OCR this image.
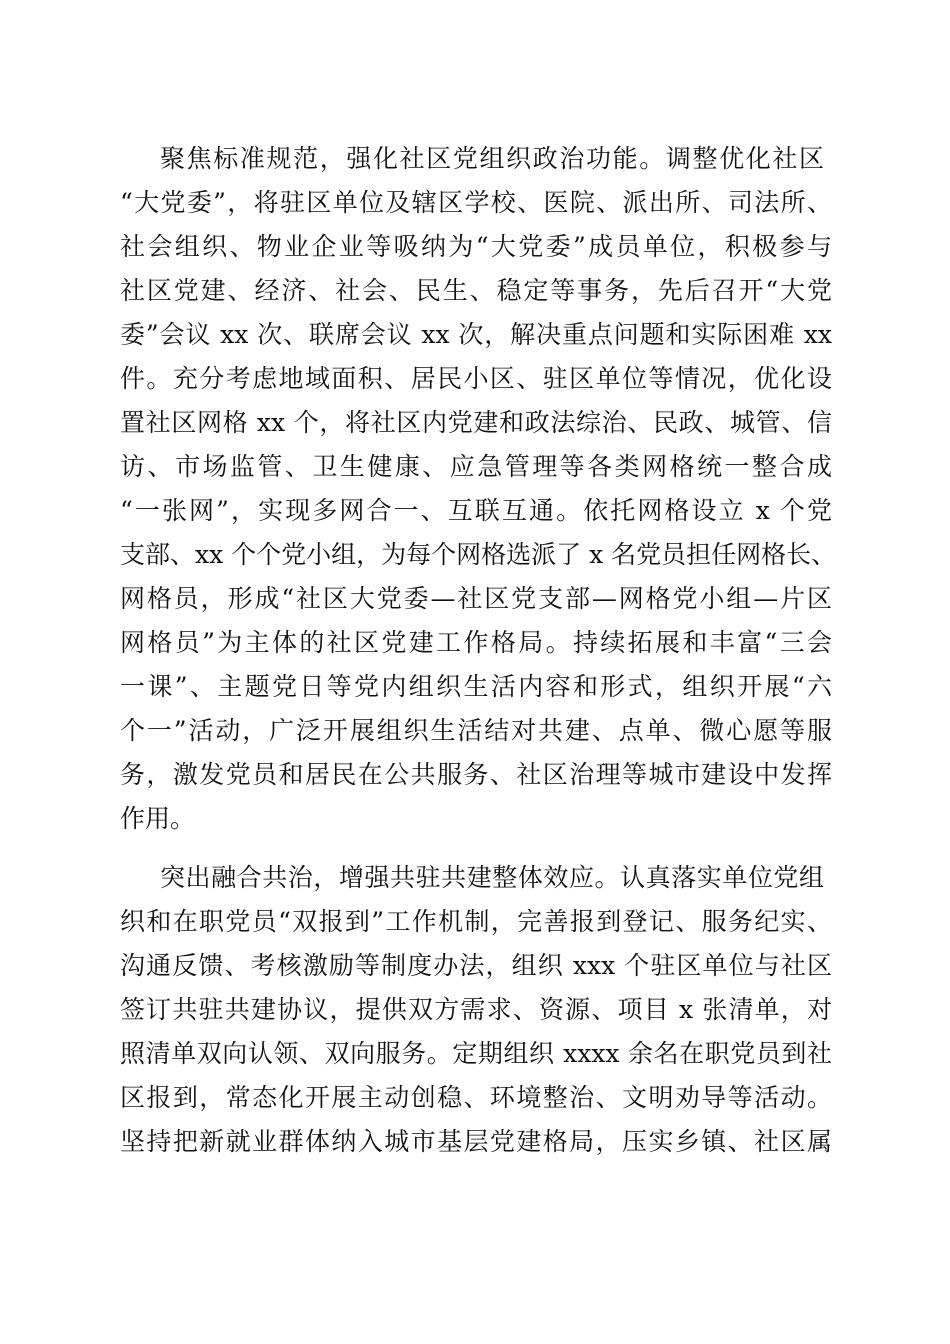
聚焦标准规范，强化社区党组织政治功能。调整优化社区
“大党委”，将驻区单位及辖区学校、医院、派出所、司法所、
社会组织、物业企业等吸纳为“大党委”成员单位，积极参与
社区党建、经济、社会、民生、稳定等事务，先后召开“大党
委”会议 xx 次、联席会议 xx 次，解决重点问题和实际困难 xx
件。充分考虑地域面积、居民小区、驻区单位等情况，优化设
置社区网格 xx 个，将社区内党建和政法综治、民政、城管、信
访、市场监管、卫生健康、应急管理等各类网格统一整合成
“一张网”，实现多网合一、互联互通。依托网格设立 x 个党
支部、xx 个个党小组，为每个网格选派了 x 名党员担任网格长、
网格员，形成“社区大党委—社区党支部—网格党小组—片区
网格员”为主体的社区党建工作格局。持续拓展和丰富“三会
一课”、主题党日等党内组织生活内容和形式，组织开展“六
个一”活动，广泛开展组织生活结对共建、点单、微心愿等服
务，激发党员和居民在公共服务、社区治理等城市建设中发挥
作用。
突出融合共治，增强共驻共建整体效应。认真落实单位党组
织和在职党员“双报到”工作机制，完善报到登记、服务纪实、
沟通反馈、考核激励等制度办法，组织 xxx 个驻区单位与社区
签订共驻共建协议，提供双方需求、资源、项目 x 张清单，对
照清单双向认领、双向服务。定期组织 xxxx 余名在职党员到社
区报到，常态化开展主动创稳、环境整治、文明劝导等活动。
坚持把新就业群体纳入城市基层党建格局，压实乡镇、社区属
